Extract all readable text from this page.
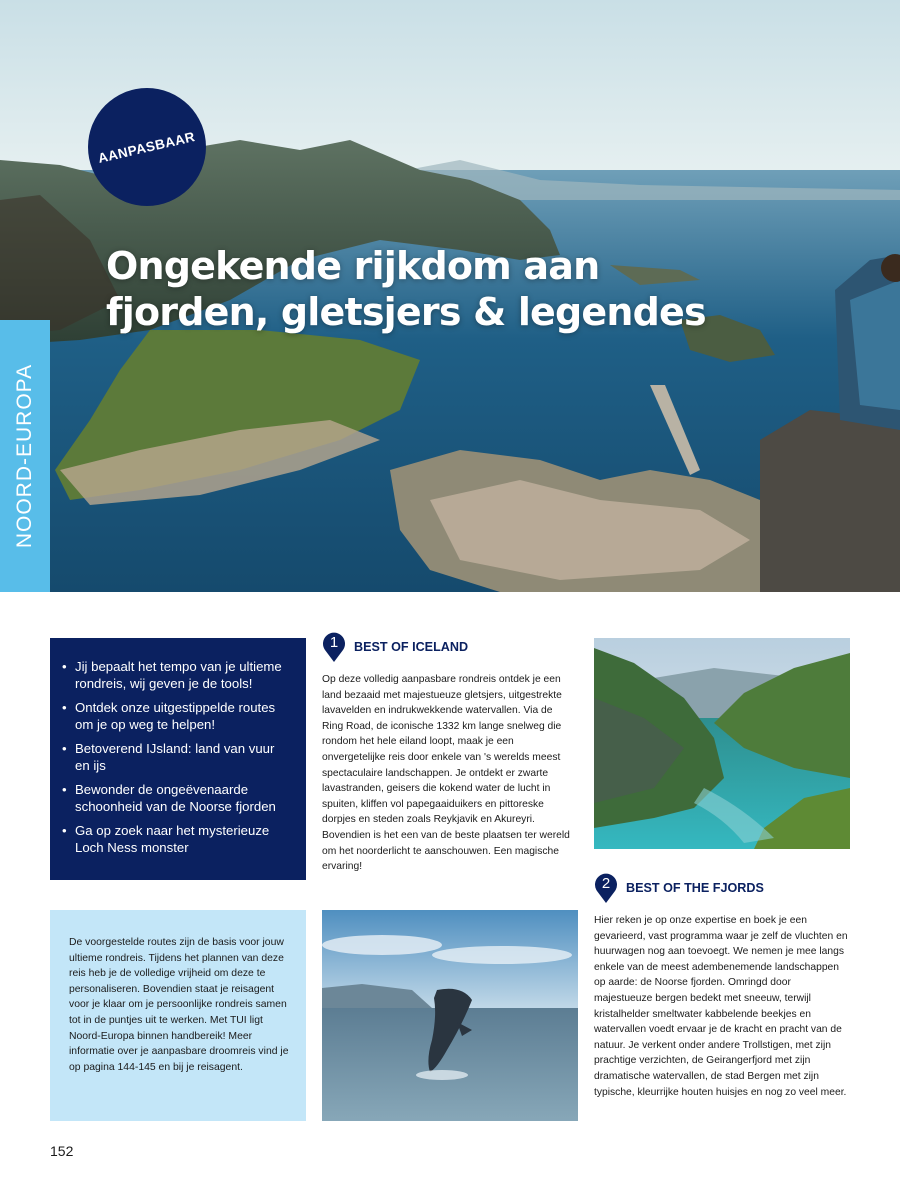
AANPASBAAR
Ongekende rijkdom aan
fjorden, gletsjers & legendes
NOORD-EUROPA
• Jij bepaalt het tempo van je ultieme rondreis, wij geven je de tools!
• Ontdek onze uitgestippelde routes om je op weg te helpen!
• Betoverend IJsland: land van vuur en ijs
• Bewonder de ongeëvenaarde schoonheid van de Noorse fjorden
• Ga op zoek naar het mysterieuze Loch Ness monster
1	BEST OF ICELAND
Op deze volledig aanpasbare rondreis ontdek je een land bezaaid met majestueuze gletsjers, uitgestrekte lavavelden en indrukwekkende watervallen. Via de Ring Road, de iconische 1332 km lange snelweg die rondom het hele eiland loopt, maak je een onvergetelijke reis door enkele van 's werelds meest spectaculaire landschappen. Je ontdekt er zwarte lavastranden, geisers die kokend water de lucht in spuiten, kliffen vol papegaaiduikers en pittoreske dorpjes en steden zoals Reykjavik en Akureyri. Bovendien is het een van de beste plaatsen ter wereld om het noorderlicht te aanschouwen. Een magische ervaring!
2	BEST OF THE FJORDS
Hier reken je op onze expertise en boek je een gevarieerd, vast programma waar je zelf de vluchten en huurwagen nog aan toevoegt. We nemen je mee langs enkele van de meest adembenemende landschappen op aarde: de Noorse fjorden. Omringd door majestueuze bergen bedekt met sneeuw, terwijl kristalhelder smeltwater kabbelende beekjes en watervallen voedt ervaar je de kracht en pracht van de natuur. Je verkent onder andere Trollstigen, met zijn prachtige verzichten, de Geirangerfjord met zijn dramatische watervallen, de stad Bergen met zijn typische, kleurrijke houten huisjes en nog zo veel meer.

De voorgestelde routes zijn de basis voor jouw ultieme rondreis. Tijdens het plannen van deze reis heb je de volledige vrijheid om deze te personaliseren. Bovendien staat je reisagent voor je klaar om je persoonlijke rondreis samen tot in de puntjes uit te werken. Met TUI ligt Noord-Europa binnen handbereik! Meer informatie over je aanpasbare droomreis vind je op pagina 144-145 en bij je reisagent.

152
